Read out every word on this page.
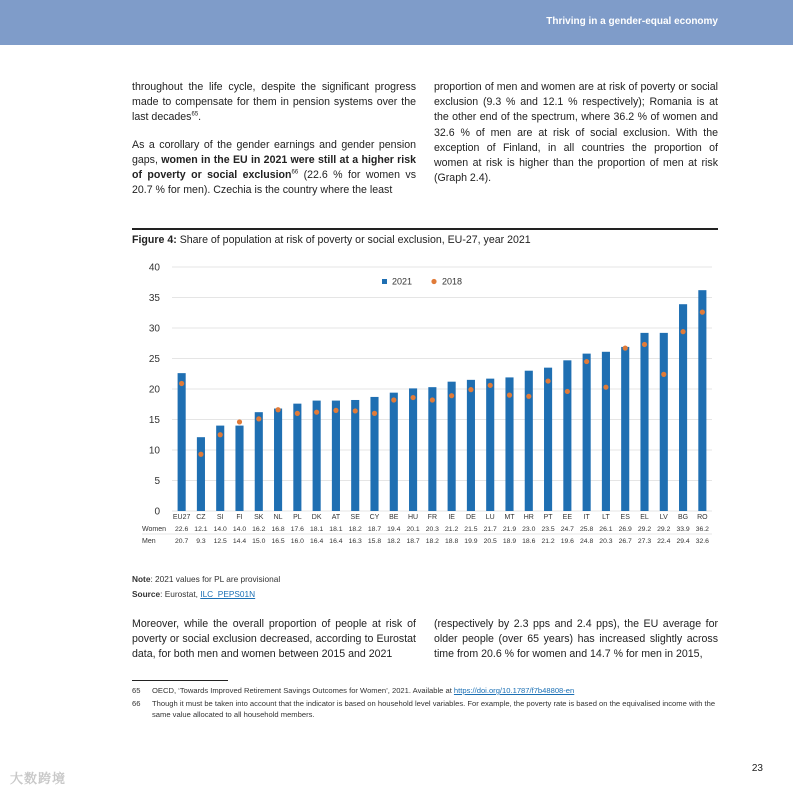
Thriving in a gender-equal economy

throughout the life cycle, despite the significant progress made to compensate for them in pension systems over the last decades$^{65}$.

As a corollary of the gender earnings and gender pension gaps, women in the EU in 2021 were still at a higher risk of poverty or social exclusion$^{66}$ (22.6 % for women vs 20.7 % for men). Czechia is the country where the least

proportion of men and women are at risk of poverty or social exclusion (9.3 % and 12.1 % respectively); Romania is at the other end of the spectrum, where 36.2 % of women and 32.6 % of men are at risk of social exclusion. With the exception of Finland, in all countries the proportion of women at risk is higher than the proportion of men at risk (Graph 2.4).

Figure 4: Share of population at risk of poverty or social exclusion, EU-27, year 2021
0
5
10
15
20
25
30
35
40
EU27 CZ SI FI SK NL PL DK AT SE CY BE HU FR IE DE LU MT HR PT EE IT LT ES EL LV BG RO
Women 22.6 12.1 14.0 14.0 16.2 16.8 17.6 18.1 18.1 18.2 18.7 19.4 20.1 20.3 21.2 21.5 21.7 21.9 23.0 23.5 24.7 25.8 26.1 26.9 29.2 29.2 33.9 36.2
Men	20.7 9.3 12.5 14.4 15.0 16.5 16.0 16.4 16.4 16.3 15.8 18.2 18.7 18.2 18.8 19.9 20.5 18.9 18.6 21.2 19.6 24.8 20.3 26.7 27.3 22.4 29.4 32.6
2021	2018
Note: 2021 values for PL are provisional
Source: Eurostat, ILC_PEPS01N

Moreover, while the overall proportion of people at risk of poverty or social exclusion decreased, according to Eurostat data, for both men and women between 2015 and 2021

(respectively by 2.3 pps and 2.4 pps), the EU average for older people (over 65 years) has increased slightly across time from 20.6 % for women and 14.7 % for men in 2015,

65 OECD, ‘Towards Improved Retirement Savings Outcomes for Women’, 2021. Available at https://doi.org/10.1787/f7b48808-en
66 Though it must be taken into account that the indicator is based on household level variables. For example, the poverty rate is based on the equivalised income with the same value allocated to all household members.
大数跨境
23
